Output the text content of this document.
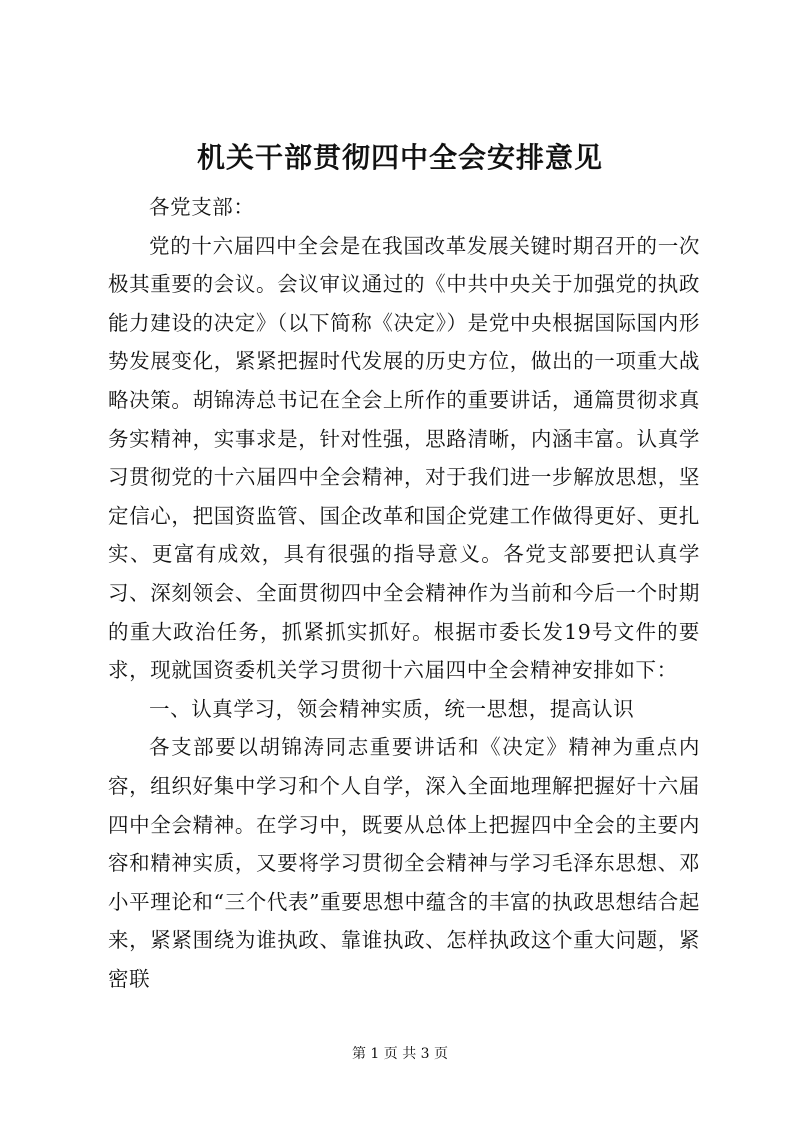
机关干部贯彻四中全会安排意见

各党支部：

党的十六届四中全会是在我国改革发展关键时期召开的一次极其重要的会议。会议审议通过的《中共中央关于加强党的执政能力建设的决定》（以下简称《决定》）是党中央根据国际国内形势发展变化，紧紧把握时代发展的历史方位，做出的一项重大战略决策。胡锦涛总书记在全会上所作的重要讲话，通篇贯彻求真务实精神，实事求是，针对性强，思路清晰，内涵丰富。认真学习贯彻党的十六届四中全会精神，对于我们进一步解放思想，坚定信心，把国资监管、国企改革和国企党建工作做得更好、更扎实、更富有成效，具有很强的指导意义。各党支部要把认真学习、深刻领会、全面贯彻四中全会精神作为当前和今后一个时期的重大政治任务，抓紧抓实抓好。根据市委长发19号文件的要求，现就国资委机关学习贯彻十六届四中全会精神安排如下：

一、认真学习，领会精神实质，统一思想，提高认识

各支部要以胡锦涛同志重要讲话和《决定》精神为重点内容，组织好集中学习和个人自学，深入全面地理解把握好十六届四中全会精神。在学习中，既要从总体上把握四中全会的主要内容和精神实质，又要将学习贯彻全会精神与学习毛泽东思想、邓小平理论和“三个代表”重要思想中蕴含的丰富的执政思想结合起来，紧紧围绕为谁执政、靠谁执政、怎样执政这个重大问题，紧密联

第 1 页 共 3 页
